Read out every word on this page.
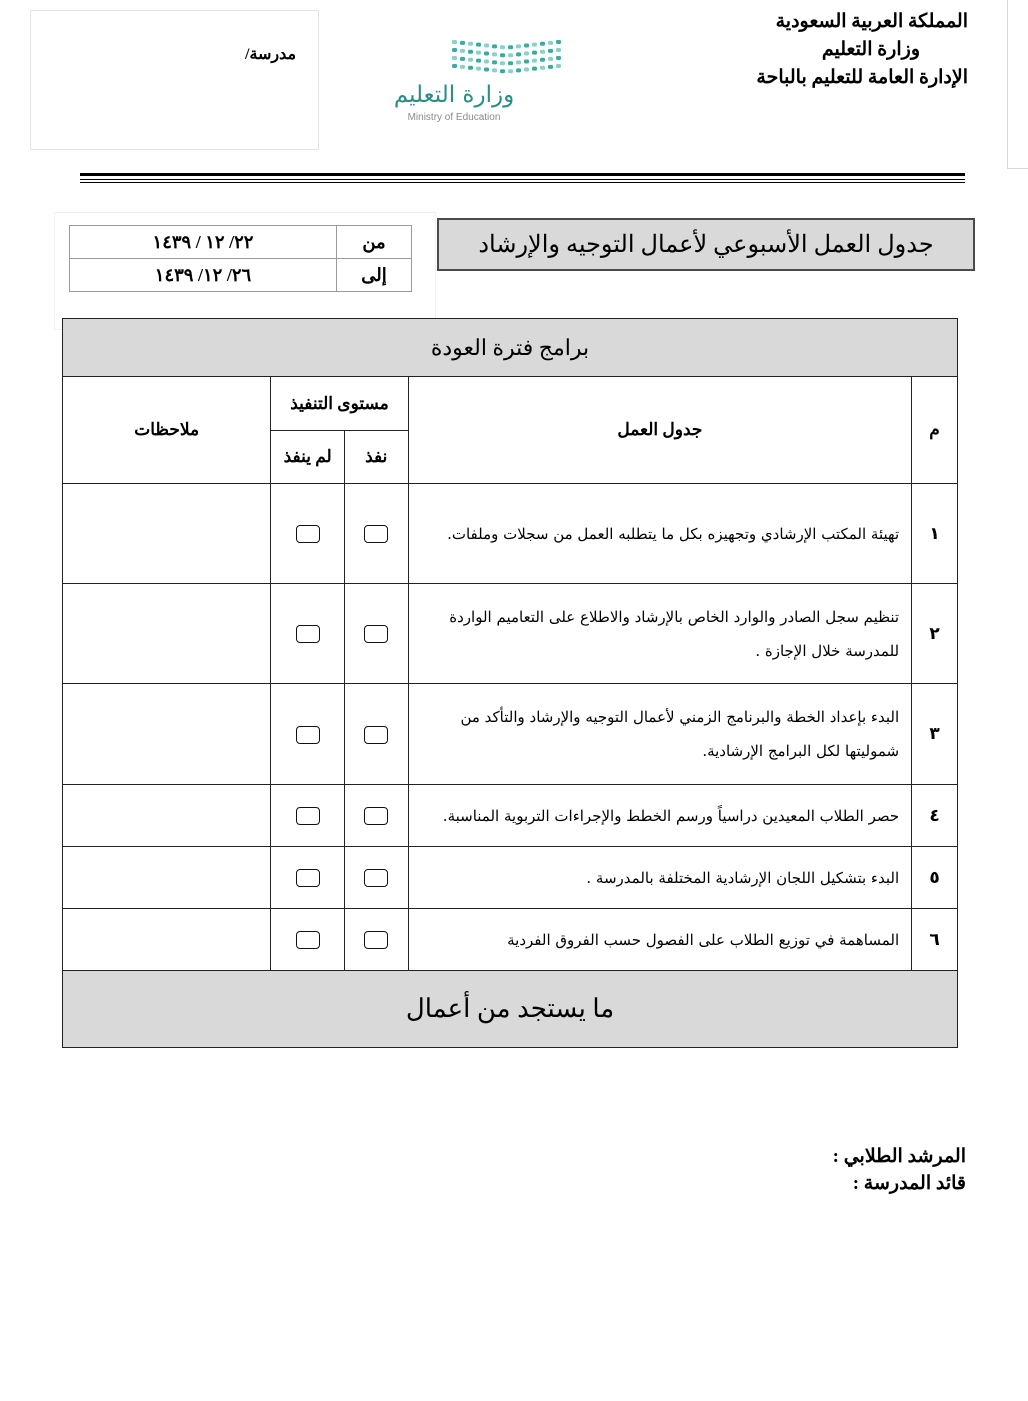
المملكة العربية السعودية
وزارة التعليم
الإدارة العامة للتعليم بالباحة
مدرسة/
وزارة التعليم
Ministry of Education
من	٢٢/ ١٢ / ١٤٣٩
إلى	٢٦/ ١٢/ ١٤٣٩
جدول العمل الأسبوعي لأعمال التوجيه والإرشاد
برامج فترة العودة				
م	جدول العمل	مستوى التنفيذ		ملاحظات
		نفذ	لم ينفذ	
١	تهيئة المكتب الإرشادي وتجهيزه بكل ما يتطلبه العمل من سجلات وملفات.			
٢	تنظيم سجل الصادر والوارد الخاص بالإرشاد والاطلاع على التعاميم الواردة للمدرسة خلال الإجازة .			
٣	البدء بإعداد الخطة والبرنامج الزمني لأعمال التوجيه والإرشاد والتأكد من شموليتها لكل البرامج الإرشادية.			
٤	حصر الطلاب المعيدين دراسياً ورسم الخطط والإجراءات التربوية المناسبة.			
٥	البدء بتشكيل اللجان الإرشادية المختلفة بالمدرسة .			
٦	المساهمة في توزيع الطلاب على الفصول حسب الفروق الفردية			
ما يستجد من أعمال				
المرشد الطلابي :
قائد المدرسة :
